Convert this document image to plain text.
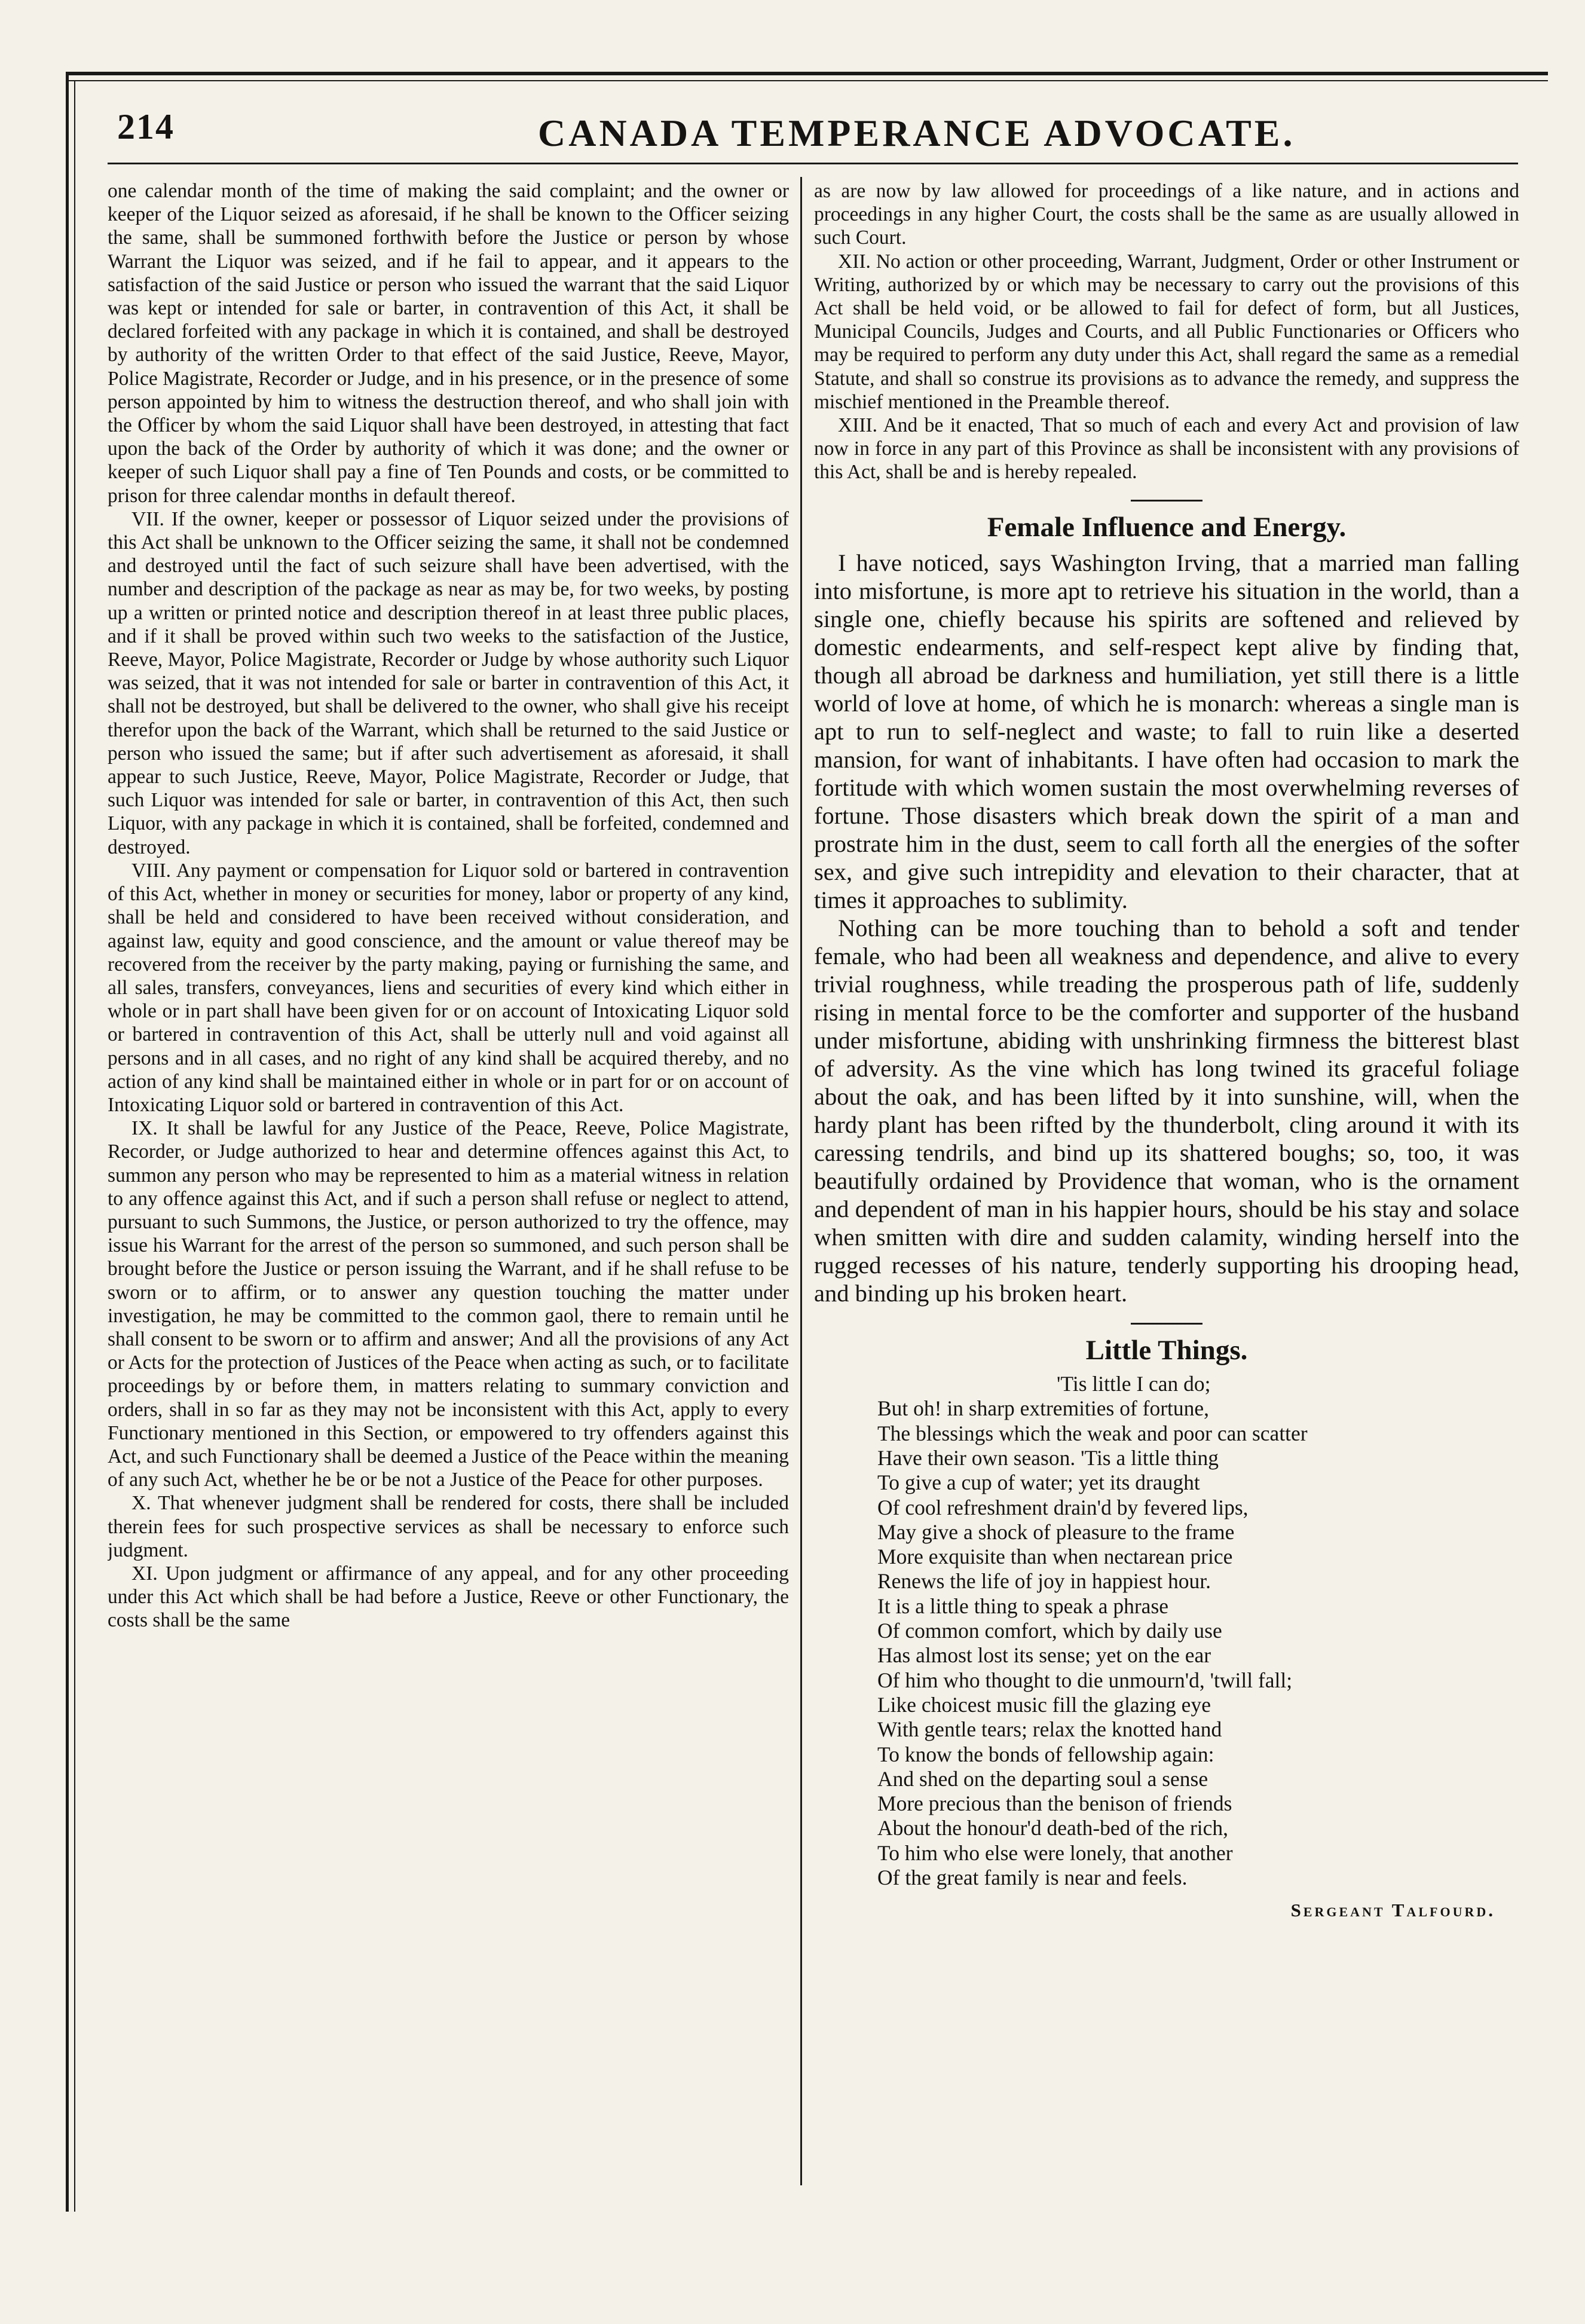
214	CANADA TEMPERANCE ADVOCATE.

one calendar month of the time of making the said complaint; and the owner or keeper of the Liquor seized as aforesaid, if he shall be known to the Officer seizing the same, shall be summoned forthwith before the Justice or person by whose Warrant the Liquor was seized, and if he fail to appear, and it appears to the satisfaction of the said Justice or person who issued the warrant that the said Liquor was kept or intended for sale or barter, in contravention of this Act, it shall be declared forfeited with any package in which it is contained, and shall be destroyed by authority of the written Order to that effect of the said Justice, Reeve, Mayor, Police Magistrate, Recorder or Judge, and in his presence, or in the presence of some person appointed by him to witness the destruction thereof, and who shall join with the Officer by whom the said Liquor shall have been destroyed, in attesting that fact upon the back of the Order by authority of which it was done; and the owner or keeper of such Liquor shall pay a fine of Ten Pounds and costs, or be committed to prison for three calendar months in default thereof.

VII. If the owner, keeper or possessor of Liquor seized under the provisions of this Act shall be unknown to the Officer seizing the same, it shall not be condemned and destroyed until the fact of such seizure shall have been advertised, with the number and description of the package as near as may be, for two weeks, by posting up a written or printed notice and description thereof in at least three public places, and if it shall be proved within such two weeks to the satisfaction of the Justice, Reeve, Mayor, Police Magistrate, Recorder or Judge by whose authority such Liquor was seized, that it was not intended for sale or barter in contravention of this Act, it shall not be destroyed, but shall be delivered to the owner, who shall give his receipt therefor upon the back of the Warrant, which shall be returned to the said Justice or person who issued the same; but if after such advertisement as aforesaid, it shall appear to such Justice, Reeve, Mayor, Police Magistrate, Recorder or Judge, that such Liquor was intended for sale or barter, in contravention of this Act, then such Liquor, with any package in which it is contained, shall be forfeited, condemned and destroyed.

VIII. Any payment or compensation for Liquor sold or bartered in contravention of this Act, whether in money or securities for money, labor or property of any kind, shall be held and considered to have been received without consideration, and against law, equity and good conscience, and the amount or value thereof may be recovered from the receiver by the party making, paying or furnishing the same, and all sales, transfers, conveyances, liens and securities of every kind which either in whole or in part shall have been given for or on account of Intoxicating Liquor sold or bartered in contravention of this Act, shall be utterly null and void against all persons and in all cases, and no right of any kind shall be acquired thereby, and no action of any kind shall be maintained either in whole or in part for or on account of Intoxicating Liquor sold or bartered in contravention of this Act.

IX. It shall be lawful for any Justice of the Peace, Reeve, Police Magistrate, Recorder, or Judge authorized to hear and determine offences against this Act, to summon any person who may be represented to him as a material witness in relation to any offence against this Act, and if such a person shall refuse or neglect to attend, pursuant to such Summons, the Justice, or person authorized to try the offence, may issue his Warrant for the arrest of the person so summoned, and such person shall be brought before the Justice or person issuing the Warrant, and if he shall refuse to be sworn or to affirm, or to answer any question touching the matter under investigation, he may be committed to the common gaol, there to remain until he shall consent to be sworn or to affirm and answer; And all the provisions of any Act or Acts for the protection of Justices of the Peace when acting as such, or to facilitate proceedings by or before them, in matters relating to summary conviction and orders, shall in so far as they may not be inconsistent with this Act, apply to every Functionary mentioned in this Section, or empowered to try offenders against this Act, and such Functionary shall be deemed a Justice of the Peace within the meaning of any such Act, whether he be or be not a Justice of the Peace for other purposes.

X. That whenever judgment shall be rendered for costs, there shall be included therein fees for such prospective services as shall be necessary to enforce such judgment.

XI. Upon judgment or affirmance of any appeal, and for any other proceeding under this Act which shall be had before a Justice, Reeve or other Functionary, the costs shall be the same

as are now by law allowed for proceedings of a like nature, and in actions and proceedings in any higher Court, the costs shall be the same as are usually allowed in such Court.

XII. No action or other proceeding, Warrant, Judgment, Order or other Instrument or Writing, authorized by or which may be necessary to carry out the provisions of this Act shall be held void, or be allowed to fail for defect of form, but all Justices, Municipal Councils, Judges and Courts, and all Public Functionaries or Officers who may be required to perform any duty under this Act, shall regard the same as a remedial Statute, and shall so construe its provisions as to advance the remedy, and suppress the mischief mentioned in the Preamble thereof.

XIII. And be it enacted, That so much of each and every Act and provision of law now in force in any part of this Province as shall be inconsistent with any provisions of this Act, shall be and is hereby repealed.

Female Influence and Energy.

I have noticed, says Washington Irving, that a married man falling into misfortune, is more apt to retrieve his situation in the world, than a single one, chiefly because his spirits are softened and relieved by domestic endearments, and self-respect kept alive by finding that, though all abroad be darkness and humiliation, yet still there is a little world of love at home, of which he is monarch: whereas a single man is apt to run to self-neglect and waste; to fall to ruin like a deserted mansion, for want of inhabitants. I have often had occasion to mark the fortitude with which women sustain the most overwhelming reverses of fortune. Those disasters which break down the spirit of a man and prostrate him in the dust, seem to call forth all the energies of the softer sex, and give such intrepidity and elevation to their character, that at times it approaches to sublimity.

Nothing can be more touching than to behold a soft and tender female, who had been all weakness and dependence, and alive to every trivial roughness, while treading the prosperous path of life, suddenly rising in mental force to be the comforter and supporter of the husband under misfortune, abiding with unshrinking firmness the bitterest blast of adversity. As the vine which has long twined its graceful foliage about the oak, and has been lifted by it into sunshine, will, when the hardy plant has been rifted by the thunderbolt, cling around it with its caressing tendrils, and bind up its shattered boughs; so, too, it was beautifully ordained by Providence that woman, who is the ornament and dependent of man in his happier hours, should be his stay and solace when smitten with dire and sudden calamity, winding herself into the rugged recesses of his nature, tenderly supporting his drooping head, and binding up his broken heart.

Little Things.
'Tis little I can do;
But oh! in sharp extremities of fortune,
The blessings which the weak and poor can scatter
Have their own season. 'Tis a little thing
To give a cup of water; yet its draught
Of cool refreshment drain'd by fevered lips,
May give a shock of pleasure to the frame
More exquisite than when nectarean price
Renews the life of joy in happiest hour.
It is a little thing to speak a phrase
Of common comfort, which by daily use
Has almost lost its sense; yet on the ear
Of him who thought to die unmourn'd, 'twill fall;
Like choicest music fill the glazing eye
With gentle tears; relax the knotted hand
To know the bonds of fellowship again:
And shed on the departing soul a sense
More precious than the benison of friends
About the honour'd death-bed of the rich,
To him who else were lonely, that another
Of the great family is near and feels.
Sergeant Talfourd.
